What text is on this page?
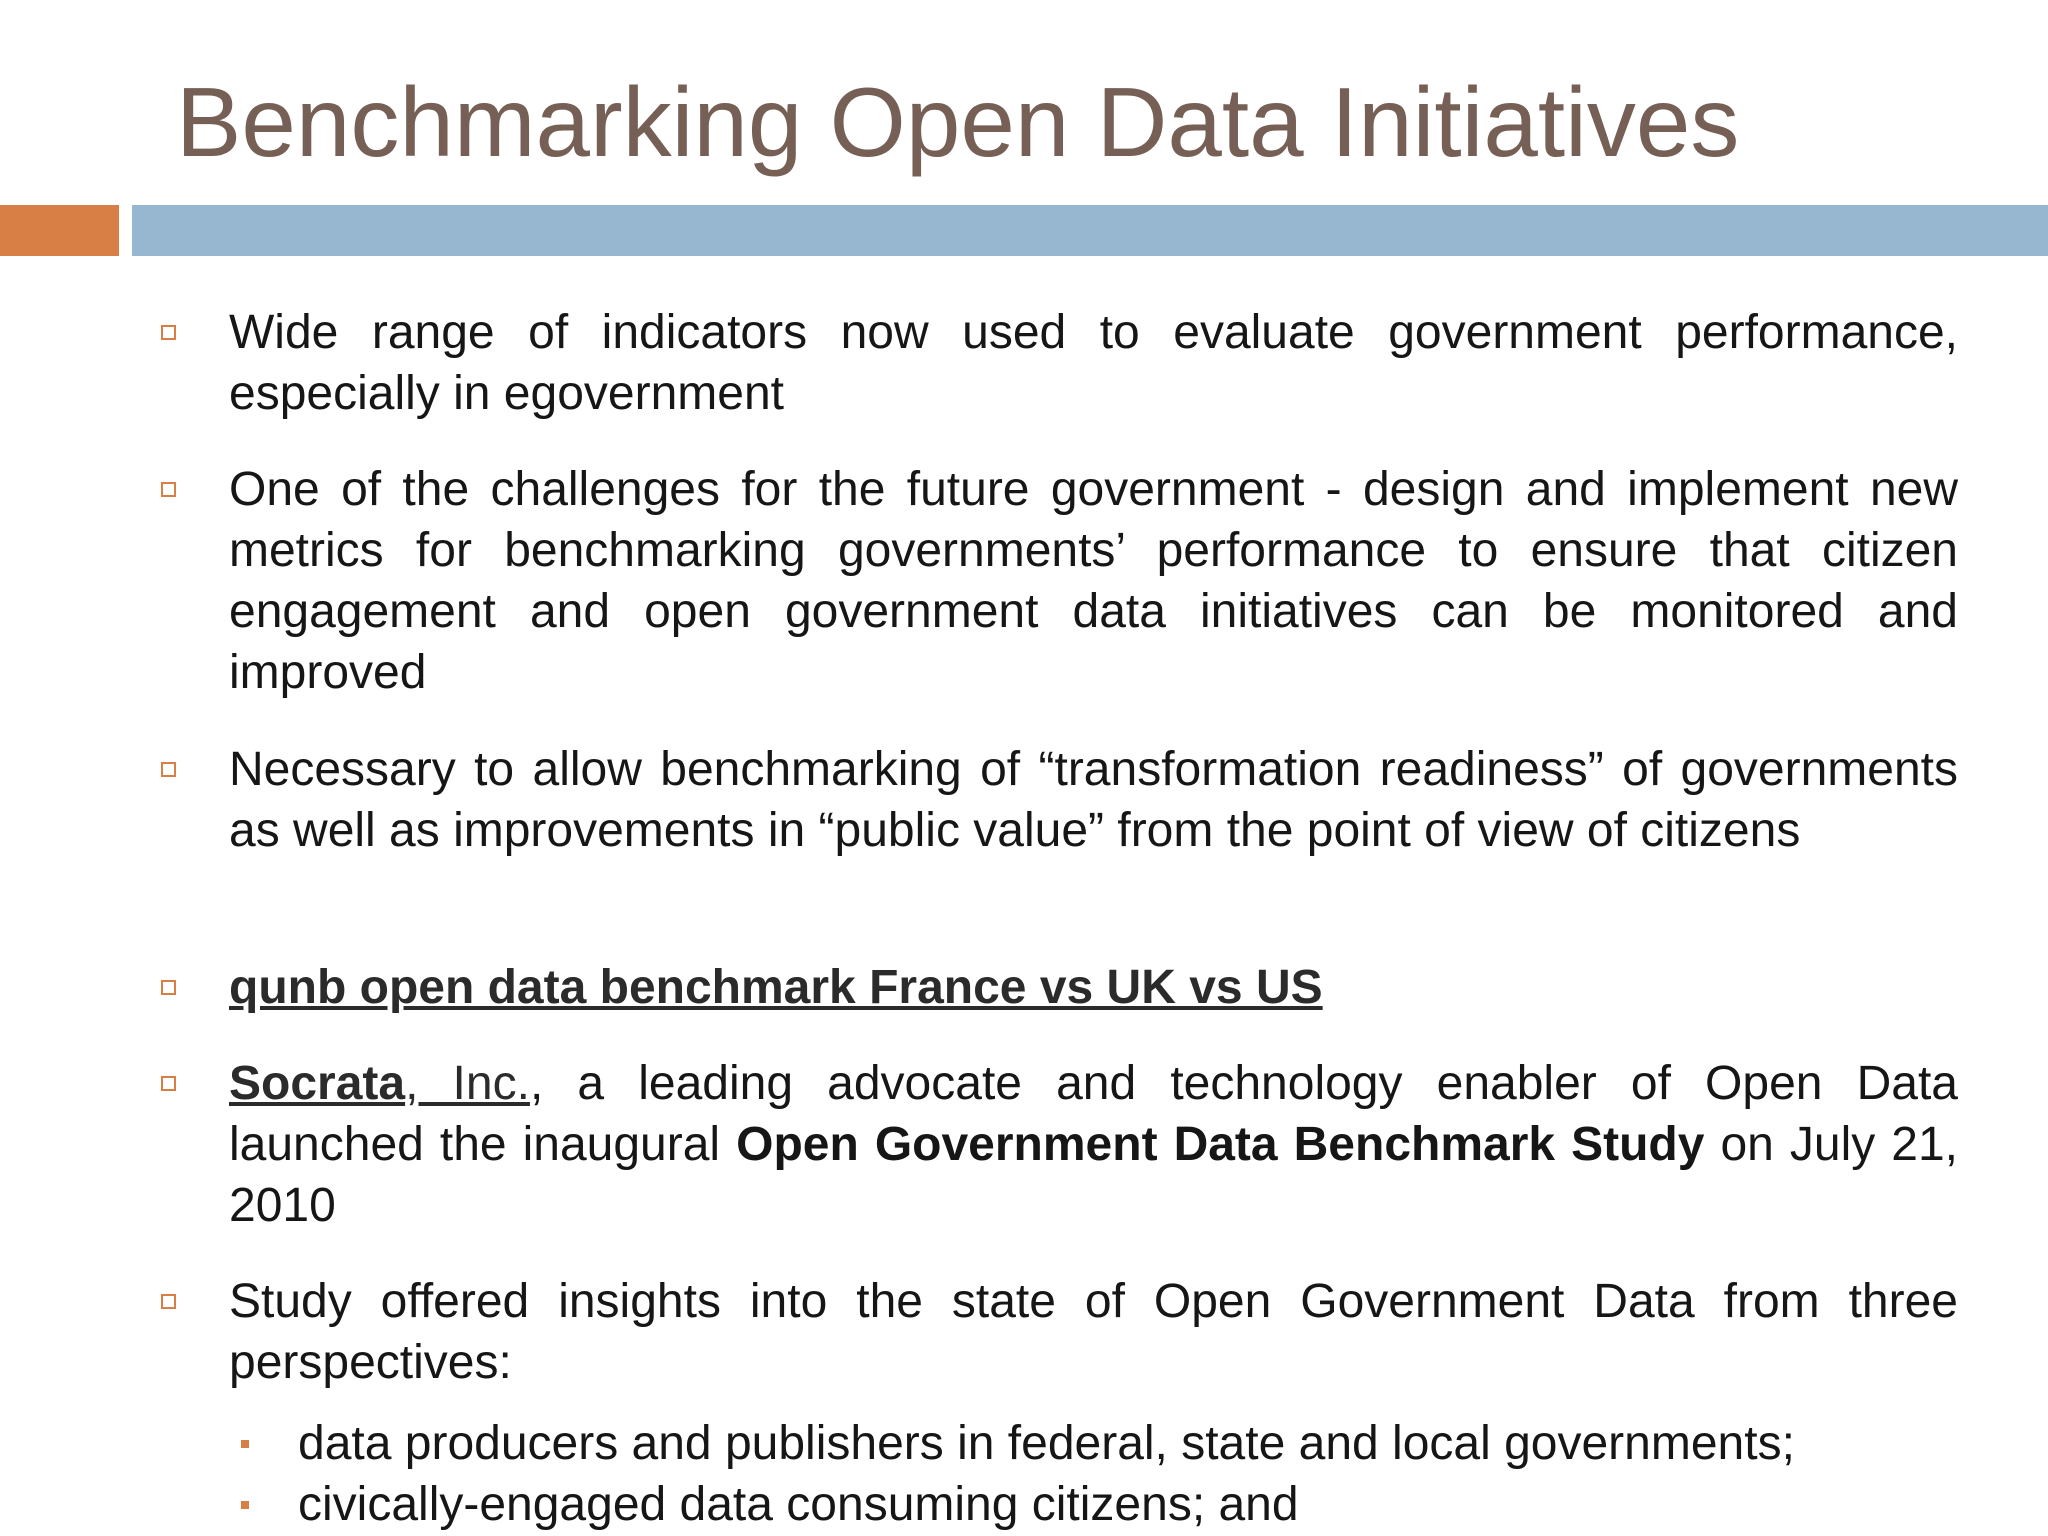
Benchmarking Open Data Initiatives
Wide range of indicators now used to evaluate government performance, especially in egovernment
One of the challenges for the future government - design and implement new metrics for benchmarking governments’ performance to ensure that citizen engagement and open government data initiatives can be monitored and improved
Necessary to allow benchmarking of “transformation readiness” of governments as well as improvements in “public value” from the point of view of citizens
qunb open data benchmark France vs UK vs US
Socrata, Inc., a leading advocate and technology enabler of Open Data launched the inaugural Open Government Data Benchmark Study on July 21, 2010
Study offered insights into the state of Open Government Data from three perspectives:
data producers and publishers in federal, state and local governments;
civically-engaged data consuming citizens; and
